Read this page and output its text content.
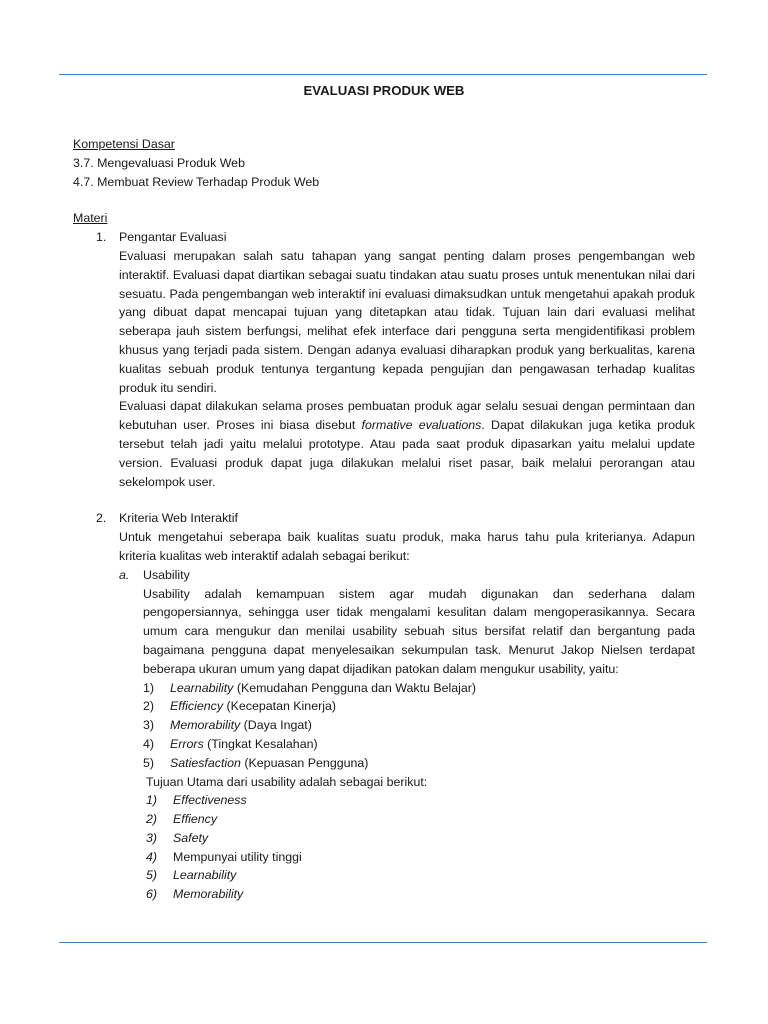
EVALUASI PRODUK WEB
Kompetensi Dasar
3.7. Mengevaluasi Produk Web
4.7. Membuat Review Terhadap Produk Web
Materi
1.	Pengantar Evaluasi
Evaluasi merupakan salah satu tahapan yang sangat penting dalam proses pengembangan web interaktif. Evaluasi dapat diartikan sebagai suatu tindakan atau suatu proses untuk menentukan nilai dari sesuatu. Pada pengembangan web interaktif ini evaluasi dimaksudkan untuk mengetahui apakah produk yang dibuat dapat mencapai tujuan yang ditetapkan atau tidak. Tujuan lain dari evaluasi melihat seberapa jauh sistem berfungsi, melihat efek interface dari pengguna serta mengidentifikasi problem khusus yang terjadi pada sistem. Dengan adanya evaluasi diharapkan produk yang berkualitas, karena kualitas sebuah produk tentunya tergantung kepada pengujian dan pengawasan terhadap kualitas produk itu sendiri.
Evaluasi dapat dilakukan selama proses pembuatan produk agar selalu sesuai dengan permintaan dan kebutuhan user. Proses ini biasa disebut formative evaluations. Dapat dilakukan juga ketika produk tersebut telah jadi yaitu melalui prototype. Atau pada saat produk dipasarkan yaitu melalui update version. Evaluasi produk dapat juga dilakukan melalui riset pasar, baik melalui perorangan atau sekelompok user.
2.	Kriteria Web Interaktif
Untuk mengetahui seberapa baik kualitas suatu produk, maka harus tahu pula kriterianya. Adapun kriteria kualitas web interaktif adalah sebagai berikut:
a.	Usability
Usability adalah kemampuan sistem agar mudah digunakan dan sederhana dalam pengopersiannya, sehingga user tidak mengalami kesulitan dalam mengoperasikannya. Secara umum cara mengukur dan menilai usability sebuah situs bersifat relatif dan bergantung pada bagaimana pengguna dapat menyelesaikan sekumpulan task. Menurut Jakop Nielsen terdapat beberapa ukuran umum yang dapat dijadikan patokan dalam mengukur usability, yaitu:
1)	Learnability (Kemudahan Pengguna dan Waktu Belajar)
2)	Efficiency (Kecepatan Kinerja)
3)	Memorability (Daya Ingat)
4)	Errors (Tingkat Kesalahan)
5)	Satiesfaction (Kepuasan Pengguna)
Tujuan Utama dari usability adalah sebagai berikut:
1)	Effectiveness
2)	Effiency
3)	Safety
4)	Mempunyai utility tinggi
5)	Learnability
6)	Memorability
